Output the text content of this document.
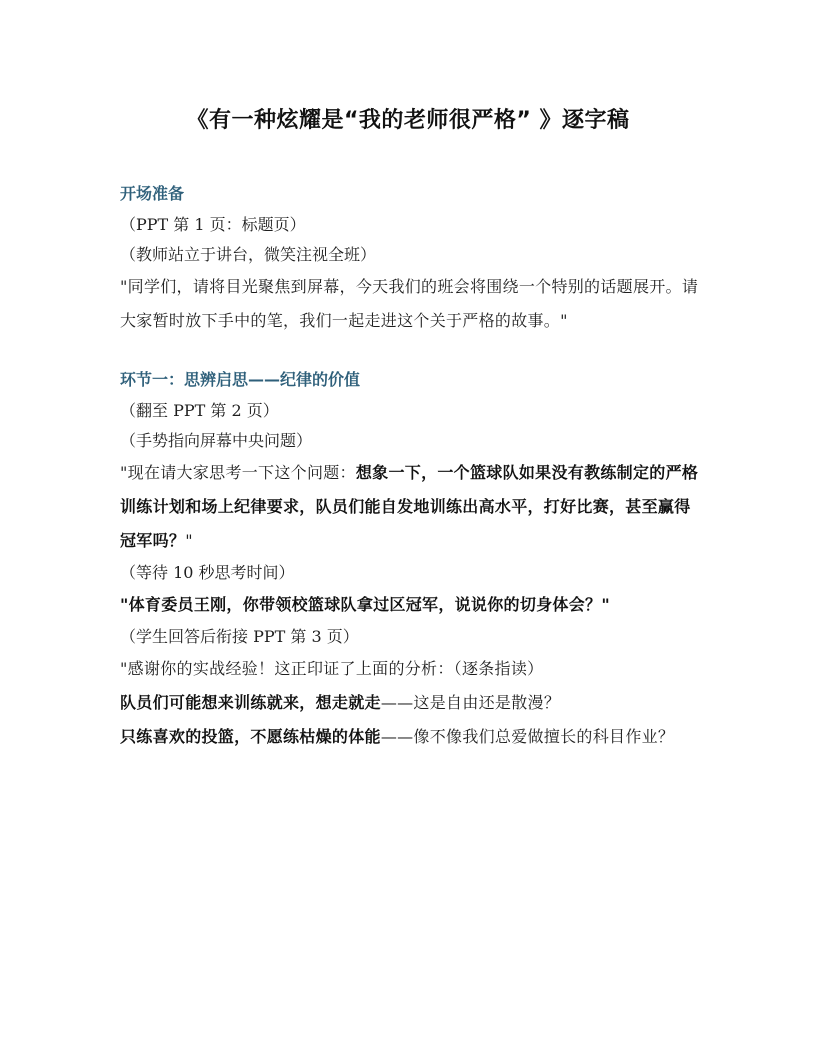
《有一种炫耀是“我的老师很严格” 》逐字稿

开场准备

（PPT 第 1 页：标题页）

（教师站立于讲台，微笑注视全班）

"同学们，请将目光聚焦到屏幕，今天我们的班会将围绕一个特别的话题展开。请大家暂时放下手中的笔，我们一起走进这个关于严格的故事。"

环节一：思辨启思——纪律的价值

（翻至 PPT 第 2 页）

（手势指向屏幕中央问题）

"现在请大家思考一下这个问题：想象一下，一个篮球队如果没有教练制定的严格训练计划和场上纪律要求，队员们能自发地训练出高水平，打好比赛，甚至赢得冠军吗？"

（等待 10 秒思考时间）

"体育委员王刚，你带领校篮球队拿过区冠军，说说你的切身体会？"

（学生回答后衔接 PPT 第 3 页）

"感谢你的实战经验！这正印证了上面的分析：（逐条指读）

队员们可能想来训练就来，想走就走——这是自由还是散漫？

只练喜欢的投篮，不愿练枯燥的体能——像不像我们总爱做擅长的科目作业？
